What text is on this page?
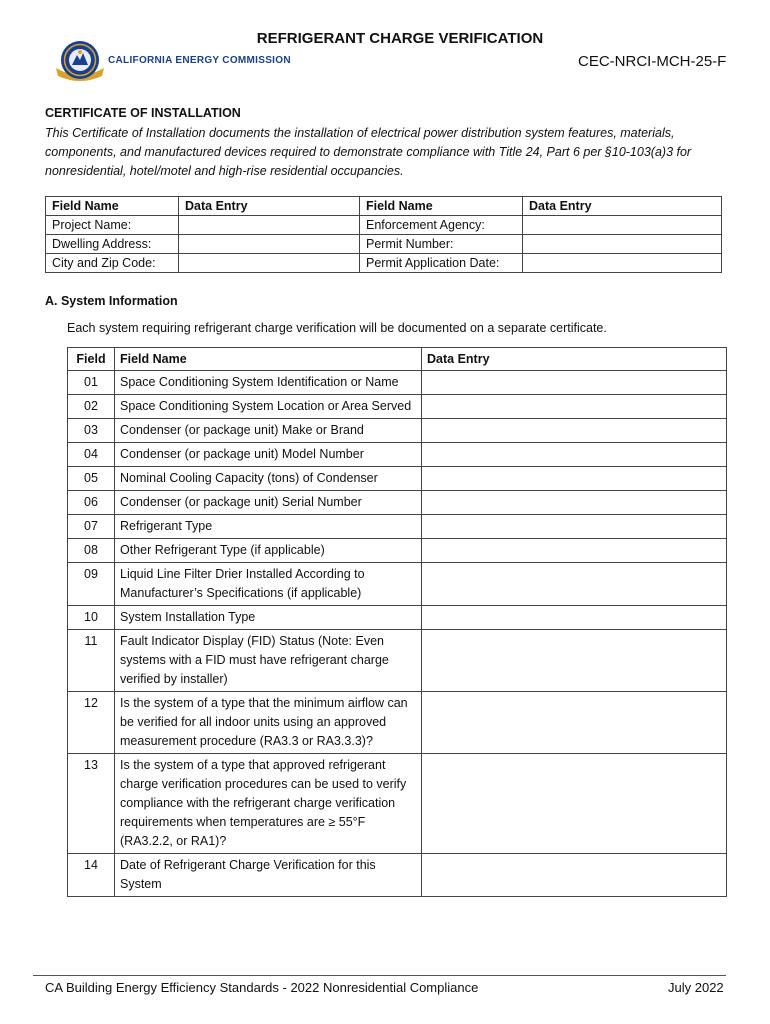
CALIFORNIA ENERGY COMMISSION
REFRIGERANT CHARGE VERIFICATION
CEC-NRCI-MCH-25-F
CERTIFICATE OF INSTALLATION
This Certificate of Installation documents the installation of electrical power distribution system features, materials, components, and manufactured devices required to demonstrate compliance with Title 24, Part 6 per §10-103(a)3 for nonresidential, hotel/motel and high-rise residential occupancies.
Field Name	Data Entry	Field Name	Data Entry
Project Name:		Enforcement Agency:	
Dwelling Address:		Permit Number:	
City and Zip Code:		Permit Application Date:	
A. System Information
Each system requiring refrigerant charge verification will be documented on a separate certificate.
Field	Field Name	Data Entry
01	Space Conditioning System Identification or Name	
02	Space Conditioning System Location or Area Served	
03	Condenser (or package unit) Make or Brand	
04	Condenser (or package unit) Model Number	
05	Nominal Cooling Capacity (tons) of Condenser	
06	Condenser (or package unit) Serial Number	
07	Refrigerant Type	
08	Other Refrigerant Type (if applicable)	
09	Liquid Line Filter Drier Installed According to Manufacturer’s Specifications (if applicable)	
10	System Installation Type	
11	Fault Indicator Display (FID) Status (Note: Even systems with a FID must have refrigerant charge verified by installer)	
12	Is the system of a type that the minimum airflow can be verified for all indoor units using an approved measurement procedure (RA3.3 or RA3.3.3)?	
13	Is the system of a type that approved refrigerant charge verification procedures can be used to verify compliance with the refrigerant charge verification requirements when temperatures are ≥ 55°F (RA3.2.2, or RA1)?	
14	Date of Refrigerant Charge Verification for this System	
CA Building Energy Efficiency Standards - 2022 Nonresidential Compliance	July 2022
